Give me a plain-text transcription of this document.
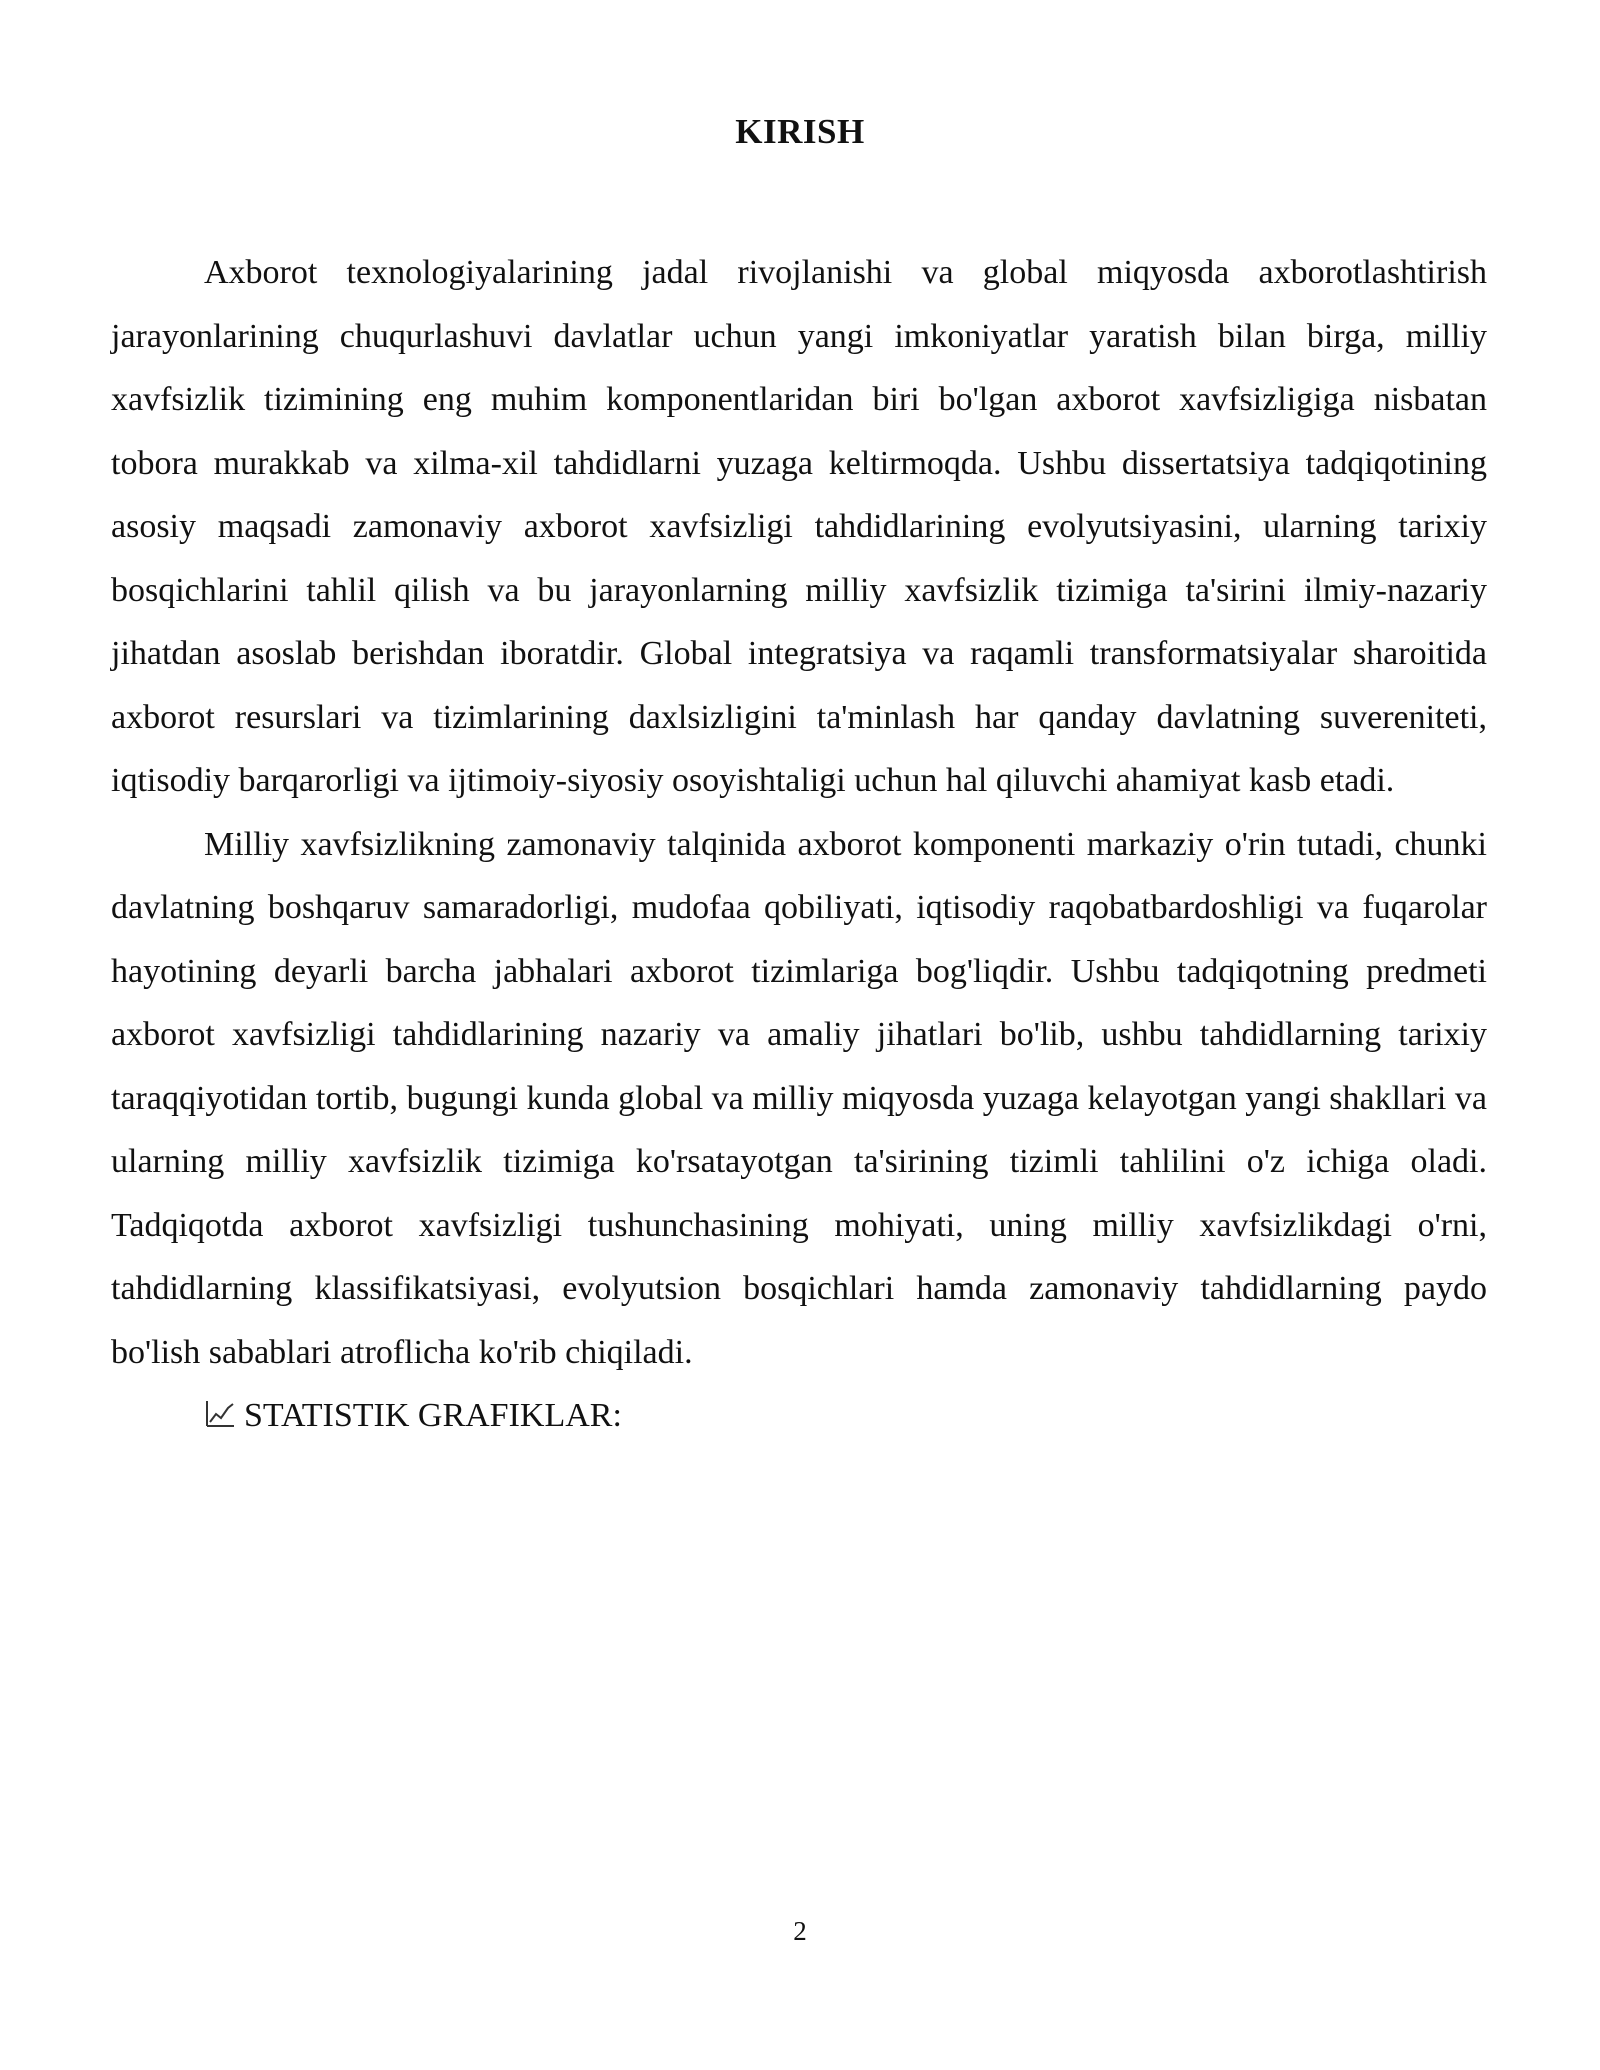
KIRISH

Axborot texnologiyalarining jadal rivojlanishi va global miqyosda axborotlashtirish jarayonlarining chuqurlashuvi davlatlar uchun yangi imkoniyatlar yaratish bilan birga, milliy xavfsizlik tizimining eng muhim komponentlaridan biri bo'lgan axborot xavfsizligiga nisbatan tobora murakkab va xilma-xil tahdidlarni yuzaga keltirmoqda. Ushbu dissertatsiya tadqiqotining asosiy maqsadi zamonaviy axborot xavfsizligi tahdidlarining evolyutsiyasini, ularning tarixiy bosqichlarini tahlil qilish va bu jarayonlarning milliy xavfsizlik tizimiga ta'sirini ilmiy-nazariy jihatdan asoslab berishdan iboratdir. Global integratsiya va raqamli transformatsiyalar sharoitida axborot resurslari va tizimlarining daxlsizligini ta'minlash har qanday davlatning suvereniteti, iqtisodiy barqarorligi va ijtimoiy-siyosiy osoyishtaligi uchun hal qiluvchi ahamiyat kasb etadi.

Milliy xavfsizlikning zamonaviy talqinida axborot komponenti markaziy o'rin tutadi, chunki davlatning boshqaruv samaradorligi, mudofaa qobiliyati, iqtisodiy raqobatbardoshligi va fuqarolar hayotining deyarli barcha jabhalari axborot tizimlariga bog'liqdir. Ushbu tadqiqotning predmeti axborot xavfsizligi tahdidlarining nazariy va amaliy jihatlari bo'lib, ushbu tahdidlarning tarixiy taraqqiyotidan tortib, bugungi kunda global va milliy miqyosda yuzaga kelayotgan yangi shakllari va ularning milliy xavfsizlik tizimiga ko'rsatayotgan ta'sirining tizimli tahlilini o'z ichiga oladi. Tadqiqotda axborot xavfsizligi tushunchasining mohiyati, uning milliy xavfsizlikdagi o'rni, tahdidlarning klassifikatsiyasi, evolyutsion bosqichlari hamda zamonaviy tahdidlarning paydo bo'lish sabablari atroflicha ko'rib chiqiladi.

STATISTIK GRAFIKLAR:

2
